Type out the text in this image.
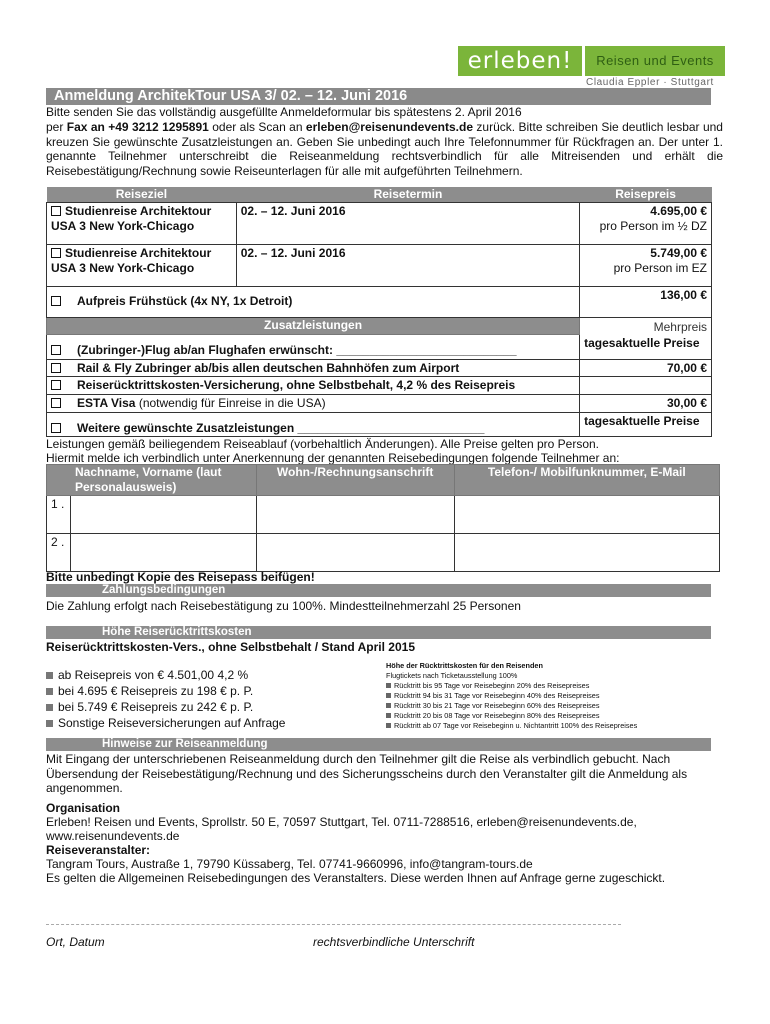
erleben!	Reisen und Events
Claudia Eppler · Stuttgart
Anmeldung ArchitekTour USA 3/ 02. – 12. Juni 2016
Bitte senden Sie das vollständig ausgefüllte Anmeldeformular bis spätestens 2. April 2016
per Fax an +49 3212 1295891 oder als Scan an erleben@reisenundevents.de zurück. Bitte schreiben Sie deutlich lesbar und kreuzen Sie gewünschte Zusatzleistungen an. Geben Sie unbedingt auch Ihre Telefonnummer für Rückfragen an. Der unter 1. genannte Teilnehmer unterschreibt die Reiseanmeldung rechtsverbindlich für alle Mitreisenden und erhält die Reisebestätigung/Rechnung sowie Reiseunterlagen für alle mit aufgeführten Teilnehmern.
Reiseziel	Reisetermin	Reisepreis
Studienreise Architektour USA 3 New York-Chicago	02. – 12. Juni 2016	4.695,00 €
pro Person im ½ DZ
Studienreise Architektour USA 3 New York-Chicago	02. – 12. Juni 2016	5.749,00 €
pro Person im EZ
Aufpreis Frühstück (4x NY, 1x Detroit)		136,00 €
Zusatzleistungen		Mehrpreis
(Zubringer-)Flug ab/an Flughafen erwünscht: ___________________________		tagesaktuelle Preise
Rail & Fly Zubringer ab/bis allen deutschen Bahnhöfen zum Airport		70,00 €
Reiserücktrittskosten-Versicherung, ohne Selbstbehalt, 4,2 % des Reisepreis		
ESTA Visa (notwendig für Einreise in die USA)		30,00 €
Weitere gewünschte Zusatzleistungen ____________________________		tagesaktuelle Preise
Leistungen gemäß beiliegendem Reiseablauf (vorbehaltlich Änderungen). Alle Preise gelten pro Person.
Hiermit melde ich verbindlich unter Anerkennung der genannten Reisebedingungen folgende Teilnehmer an:
Nachname, Vorname (laut Personalausweis)		Wohn-/Rechnungsanschrift	Telefon-/ Mobilfunknummer, E-Mail
1 .			
2 .			
Bitte unbedingt Kopie des Reisepass beifügen!
Zahlungsbedingungen
Die Zahlung erfolgt nach Reisebestätigung zu 100%. Mindestteilnehmerzahl 25 Personen
Höhe Reiserücktrittskosten
Reiserücktrittskosten-Vers., ohne Selbstbehalt / Stand April 2015
ab Reisepreis von € 4.501,00 4,2 %
bei 4.695 € Reisepreis zu 198 € p. P.
bei 5.749 € Reisepreis zu 242 € p. P.
Sonstige Reiseversicherungen auf Anfrage
Höhe der Rücktrittskosten für den Reisenden
Flugtickets nach Ticketausstellung 100%
Rücktritt bis 95 Tage vor Reisebeginn 20% des Reisepreises
Rücktritt 94 bis 31 Tage vor Reisebeginn 40% des Reisepreises
Rücktritt 30 bis 21 Tage vor Reisebeginn 60% des Reisepreises
Rücktritt 20 bis 08 Tage vor Reisebeginn 80% des Reisepreises
Rücktritt ab 07 Tage vor Reisebeginn u. Nichtantritt 100% des Reisepreises
Hinweise zur Reiseanmeldung
Mit Eingang der unterschriebenen Reiseanmeldung durch den Teilnehmer gilt die Reise als verbindlich gebucht. Nach Übersendung der Reisebestätigung/Rechnung und des Sicherungsscheins durch den Veranstalter gilt die Anmeldung als angenommen.
Organisation
Erleben! Reisen und Events, Sprollstr. 50 E, 70597 Stuttgart, Tel. 0711-7288516, erleben@reisenundevents.de,
www.reisenundevents.de
Reiseveranstalter:
Tangram Tours, Austraße 1, 79790 Küssaberg, Tel. 07741-9660996, info@tangram-tours.de
Es gelten die Allgemeinen Reisebedingungen des Veranstalters. Diese werden Ihnen auf Anfrage gerne zugeschickt.
Ort, Datum	rechtsverbindliche Unterschrift
